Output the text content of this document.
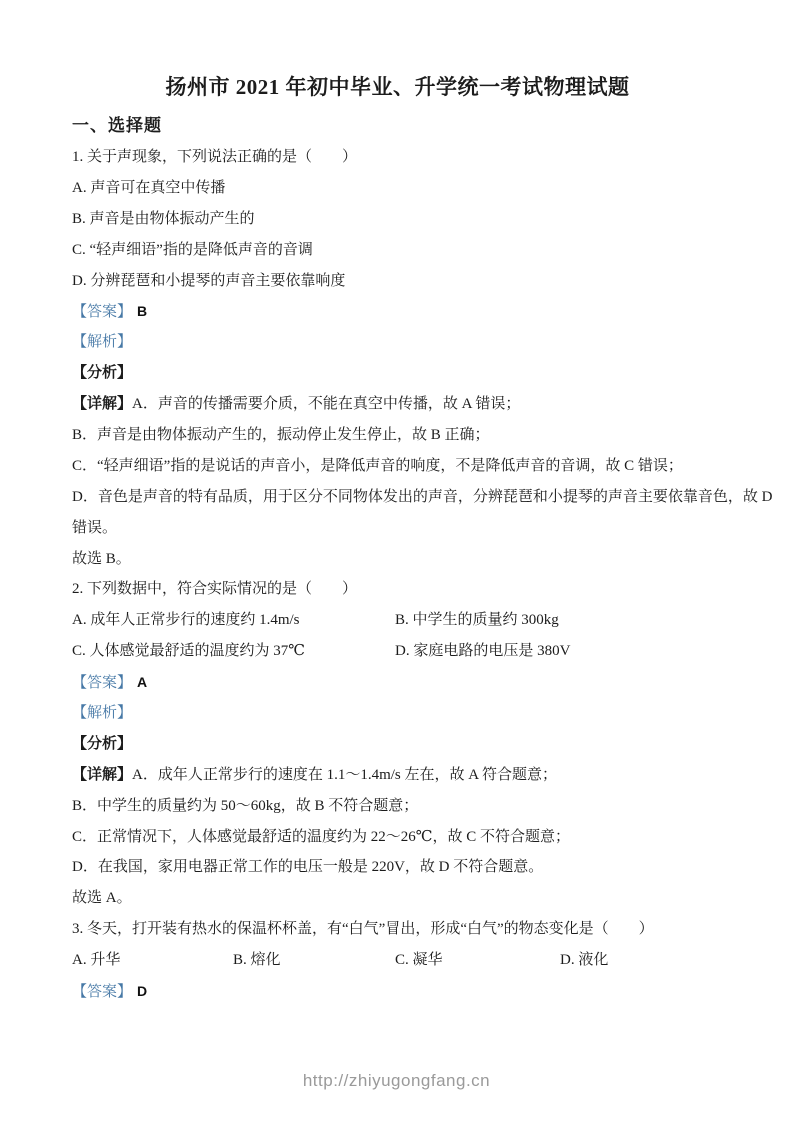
扬州市 2021 年初中毕业、升学统一考试物理试题
一、选择题
1. 关于声现象，下列说法正确的是（　　）
A. 声音可在真空中传播
B. 声音是由物体振动产生的
C. “轻声细语”指的是降低声音的音调
D. 分辨琵琶和小提琴的声音主要依靠响度
【答案】 B
【解析】
【分析】
【详解】A．声音的传播需要介质，不能在真空中传播，故 A 错误；
B．声音是由物体振动产生的，振动停止发生停止，故 B 正确；
C．“轻声细语”指的是说话的声音小，是降低声音的响度，不是降低声音的音调，故 C 错误；
D．音色是声音的特有品质，用于区分不同物体发出的声音，分辨琵琶和小提琴的声音主要依靠音色，故 D
错误。
故选 B。
2. 下列数据中，符合实际情况的是（　　）
A. 成年人正常步行的速度约 1.4m/s	B. 中学生的质量约 300kg
C. 人体感觉最舒适的温度约为 37℃	D. 家庭电路的电压是 380V
【答案】 A
【解析】
【分析】
【详解】A．成年人正常步行的速度在 1.1～1.4m/s 左在，故 A 符合题意；
B．中学生的质量约为 50～60kg，故 B 不符合题意；
C．正常情况下，人体感觉最舒适的温度约为 22～26℃，故 C 不符合题意；
D．在我国，家用电器正常工作的电压一般是 220V，故 D 不符合题意。
故选 A。
3. 冬天，打开装有热水的保温杯杯盖，有“白气”冒出，形成“白气”的物态变化是（　　）
A. 升华	B. 熔化	C. 凝华	D. 液化
【答案】 D
http://zhiyugongfang.cn
